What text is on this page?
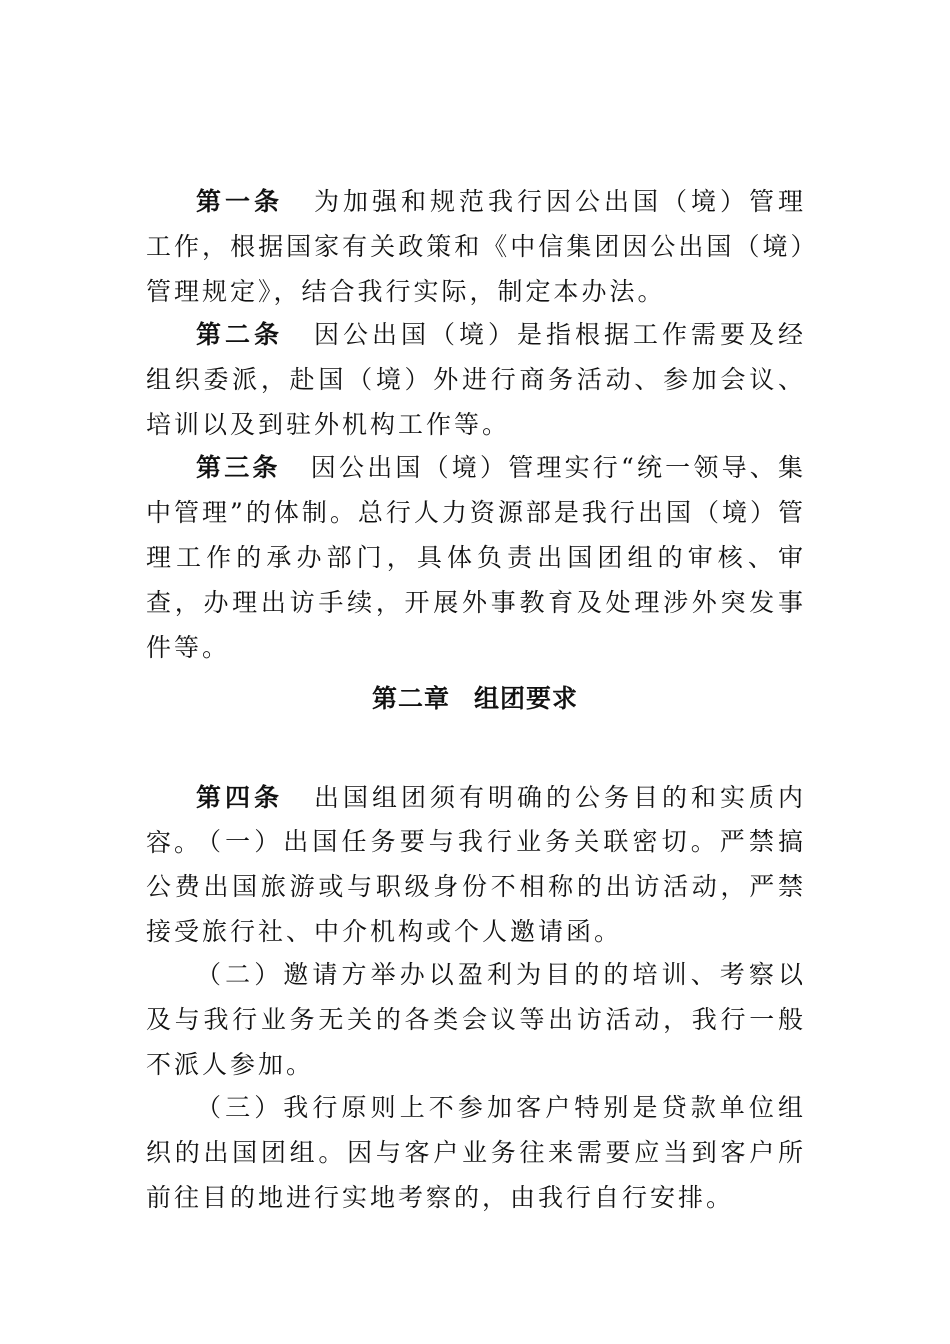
第一条 为加强和规范我行因公出国（境）管理工作，根据国家有关政策和《中信集团因公出国（境）管理规定》，结合我行实际，制定本办法。

第二条 因公出国（境）是指根据工作需要及经组织委派，赴国（境）外进行商务活动、参加会议、培训以及到驻外机构工作等。

第三条 因公出国（境）管理实行“统一领导、集中管理”的体制。总行人力资源部是我行出国（境）管理工作的承办部门，具体负责出国团组的审核、审查，办理出访手续，开展外事教育及处理涉外突发事件等。

第二章 组团要求

第四条 出国组团须有明确的公务目的和实质内容。

（一）出国任务要与我行业务关联密切。严禁搞公费出国旅游或与职级身份不相称的出访活动，严禁接受旅行社、中介机构或个人邀请函。

（二）邀请方举办以盈利为目的的培训、考察以及与我行业务无关的各类会议等出访活动，我行一般不派人参加。

（三）我行原则上不参加客户特别是贷款单位组织的出国团组。因与客户业务往来需要应当到客户所前往目的地进行实地考察的，由我行自行安排。
